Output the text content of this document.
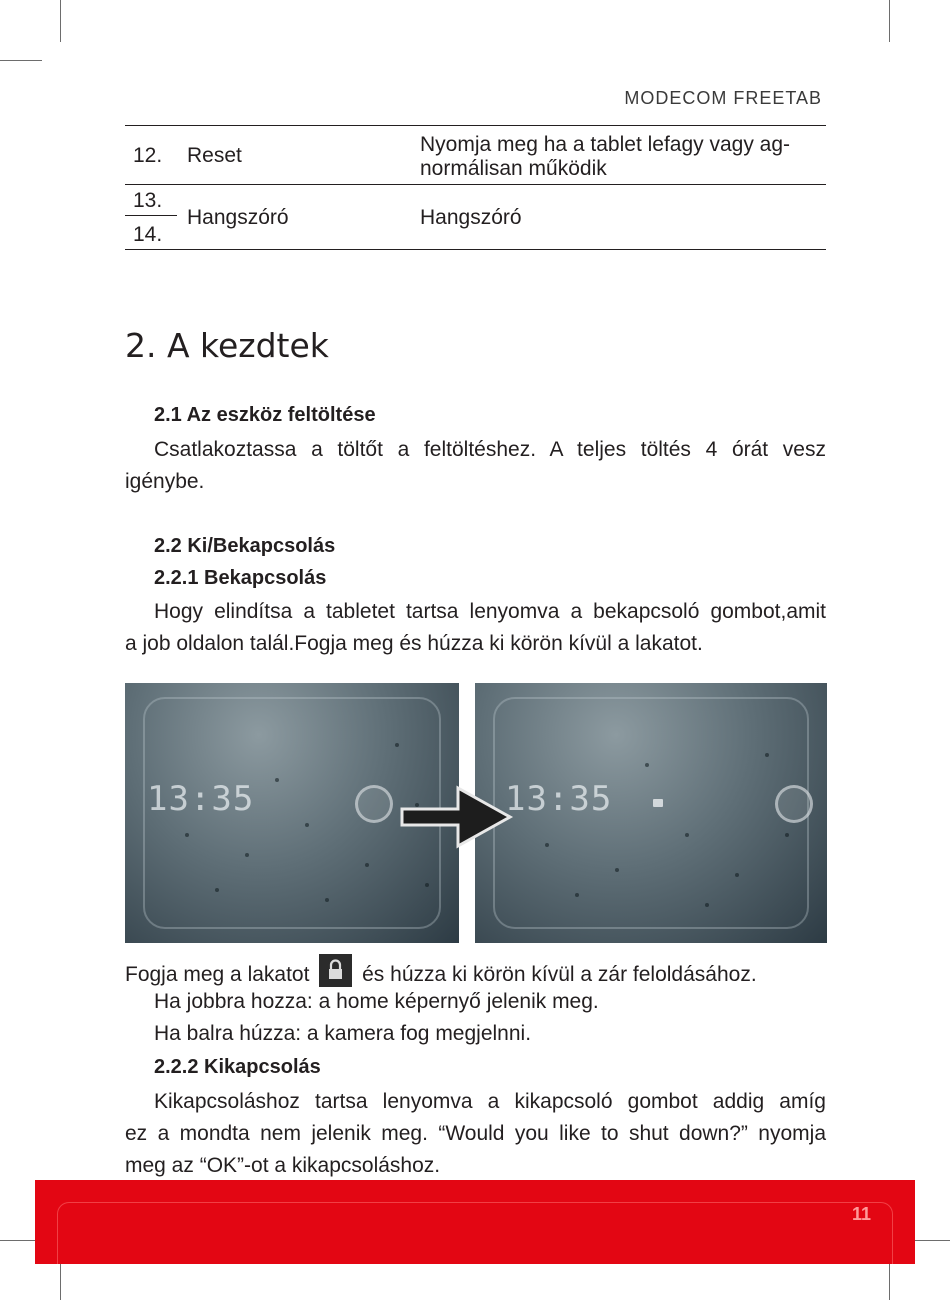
MODECOM FREETAB
12. Reset	Nyomja meg ha a tablet lefagy vagy ag-
normálisan működik
13.
14.
Hangszóró	Hangszóró
2. A kezdtek
2.1 Az eszköz feltöltése
Csatlakoztassa a töltőt a feltöltéshez. A teljes töltés 4 órát vesz
igénybe.
2.2 Ki/Bekapcsolás
2.2.1 Bekapcsolás
Hogy elindítsa a tabletet tartsa lenyomva a bekapcsoló gombot,amit
a job oldalon talál.Fogja meg és húzza ki körön kívül a lakatot.
13:35	13:35
Fogja meg a lakatot	és húzza ki körön kívül a zár feloldásához.
Ha jobbra hozza: a home képernyő jelenik meg.
Ha balra húzza: a kamera fog megjelnni.
2.2.2 Kikapcsolás
Kikapcsoláshoz tartsa lenyomva a kikapcsoló gombot addig amíg
ez a mondta nem jelenik meg. “Would you like to shut down?” nyomja
meg az “OK”-ot a kikapcsoláshoz.
11
